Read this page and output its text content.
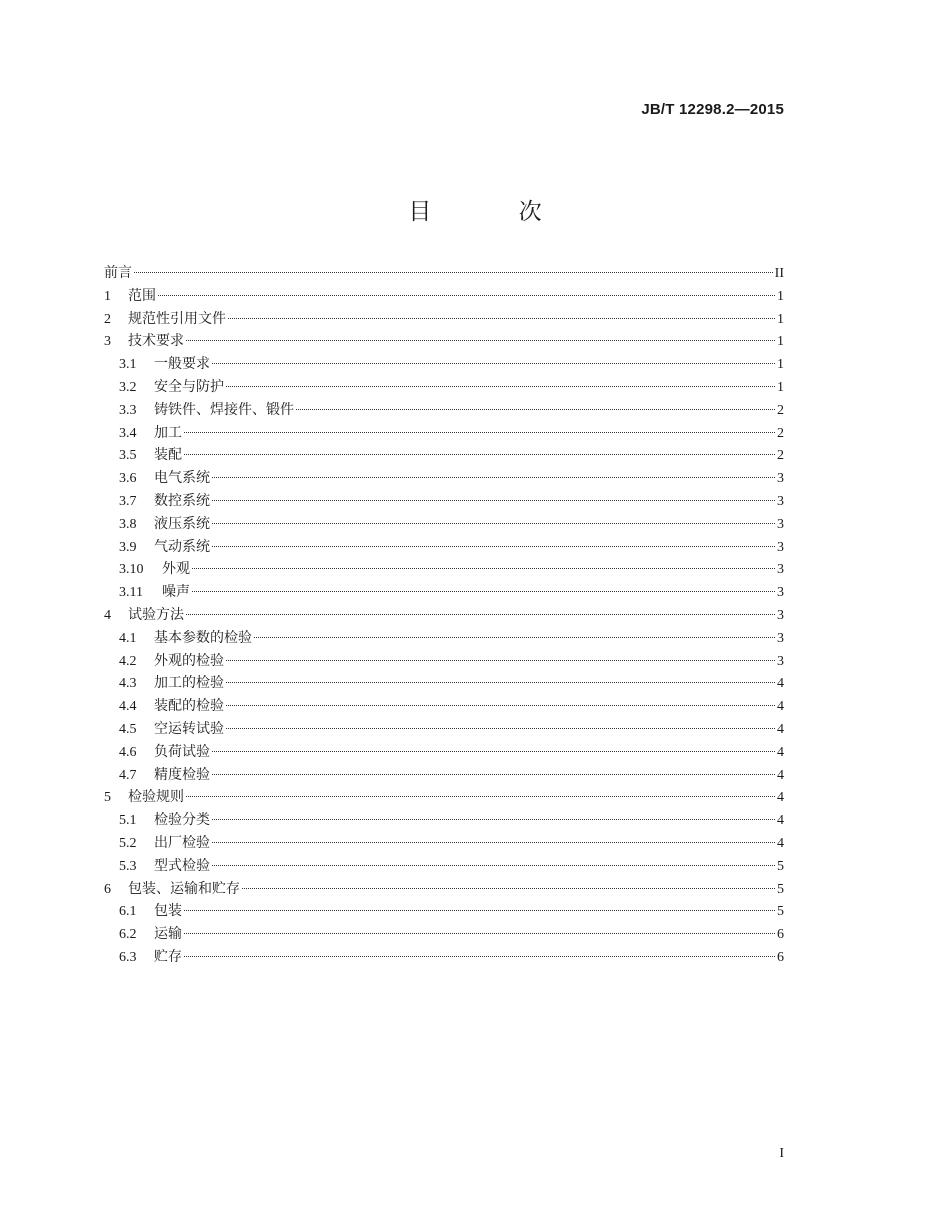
JB/T 12298.2—2015
目 次
前言	II
1	范围	1
2	规范性引用文件	1
3	技术要求	1
3.1	一般要求	1
3.2	安全与防护	1
3.3	铸铁件、焊接件、锻件	2
3.4	加工	2
3.5	装配	2
3.6	电气系统	3
3.7	数控系统	3
3.8	液压系统	3
3.9	气动系统	3
3.10	外观	3
3.11	噪声	3
4	试验方法	3
4.1	基本参数的检验	3
4.2	外观的检验	3
4.3	加工的检验	4
4.4	装配的检验	4
4.5	空运转试验	4
4.6	负荷试验	4
4.7	精度检验	4
5	检验规则	4
5.1	检验分类	4
5.2	出厂检验	4
5.3	型式检验	5
6	包装、运输和贮存	5
6.1	包装	5
6.2	运输	6
6.3	贮存	6
I
